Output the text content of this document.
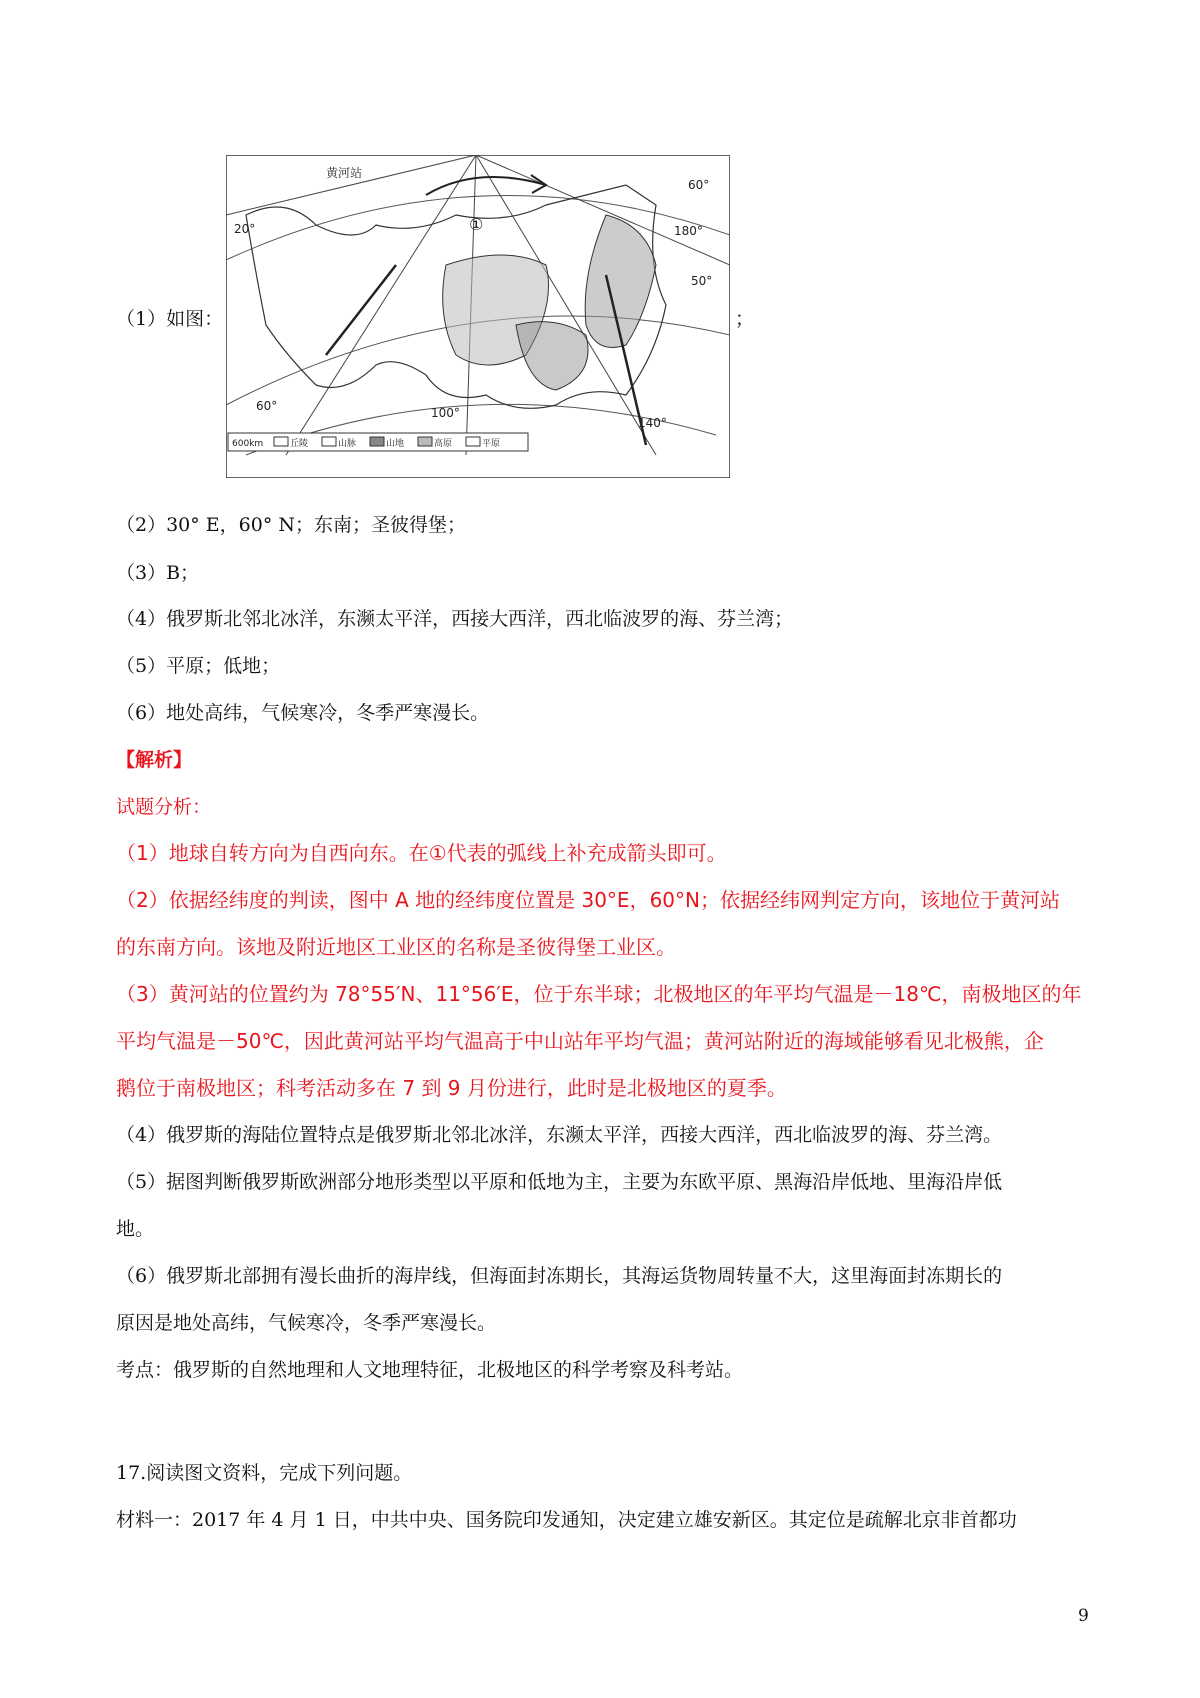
（1）如图：
黄河站
①
60°
50°
20°	180°
60°	100°
140°
600km	丘陵	山脉	山地	高原	平原
；
（2）30° E，60° N；东南；圣彼得堡；
（3）B；
（4）俄罗斯北邻北冰洋，东濒太平洋，西接大西洋，西北临波罗的海、芬兰湾；
（5）平原；低地；
（6）地处高纬，气候寒冷，冬季严寒漫长。
【解析】
试题分析：
（1）地球自转方向为自西向东。在①代表的弧线上补充成箭头即可。
（2）依据经纬度的判读，图中 A 地的经纬度位置是 30°E，60°N；依据经纬网判定方向，该地位于黄河站
的东南方向。该地及附近地区工业区的名称是圣彼得堡工业区。
（3）黄河站的位置约为 78°55′N、11°56′E，位于东半球；北极地区的年平均气温是－18℃，南极地区的年
平均气温是－50℃，因此黄河站平均气温高于中山站年平均气温；黄河站附近的海域能够看见北极熊，企
鹅位于南极地区；科考活动多在 7 到 9 月份进行，此时是北极地区的夏季。
（4）俄罗斯的海陆位置特点是俄罗斯北邻北冰洋，东濒太平洋，西接大西洋，西北临波罗的海、芬兰湾。
（5）据图判断俄罗斯欧洲部分地形类型以平原和低地为主，主要为东欧平原、黑海沿岸低地、里海沿岸低
地。
（6）俄罗斯北部拥有漫长曲折的海岸线，但海面封冻期长，其海运货物周转量不大，这里海面封冻期长的
原因是地处高纬，气候寒冷，冬季严寒漫长。
考点：俄罗斯的自然地理和人文地理特征，北极地区的科学考察及科考站。
17.阅读图文资料，完成下列问题。
材料一：2017 年 4 月 1 日，中共中央、国务院印发通知，决定建立雄安新区。其定位是疏解北京非首都功
9
